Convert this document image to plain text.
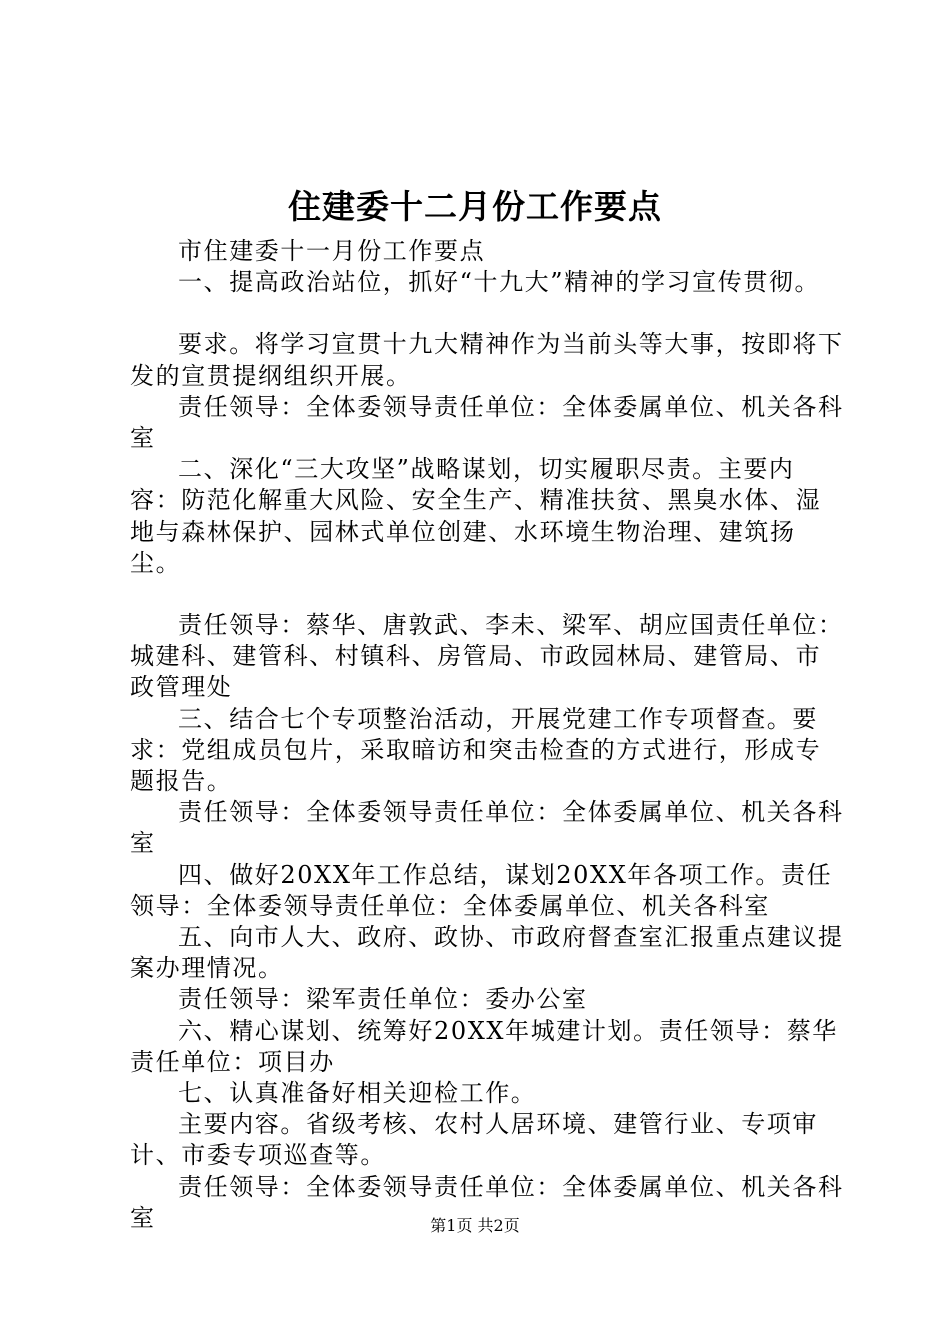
住建委十二月份工作要点

市住建委十一月份工作要点

一、提高政治站位，抓好“十九大”精神的学习宣传贯彻。

要求。将学习宣贯十九大精神作为当前头等大事，按即将下发的宣贯提纲组织开展。

责任领导：全体委领导责任单位：全体委属单位、机关各科室

二、深化“三大攻坚”战略谋划，切实履职尽责。主要内容：防范化解重大风险、安全生产、精准扶贫、黑臭水体、湿地与森林保护、园林式单位创建、水环境生物治理、建筑扬尘。

责任领导：蔡华、唐敦武、李未、梁军、胡应国责任单位：城建科、建管科、村镇科、房管局、市政园林局、建管局、市政管理处

三、结合七个专项整治活动，开展党建工作专项督查。要求：党组成员包片，采取暗访和突击检查的方式进行，形成专题报告。

责任领导：全体委领导责任单位：全体委属单位、机关各科室

四、做好20XX年工作总结，谋划20XX年各项工作。责任领导：全体委领导责任单位：全体委属单位、机关各科室

五、向市人大、政府、政协、市政府督查室汇报重点建议提案办理情况。

责任领导：梁军责任单位：委办公室

六、精心谋划、统筹好20XX年城建计划。责任领导：蔡华责任单位：项目办

七、认真准备好相关迎检工作。

主要内容。省级考核、农村人居环境、建管行业、专项审计、市委专项巡查等。

责任领导：全体委领导责任单位：全体委属单位、机关各科室	第1页 共2页
